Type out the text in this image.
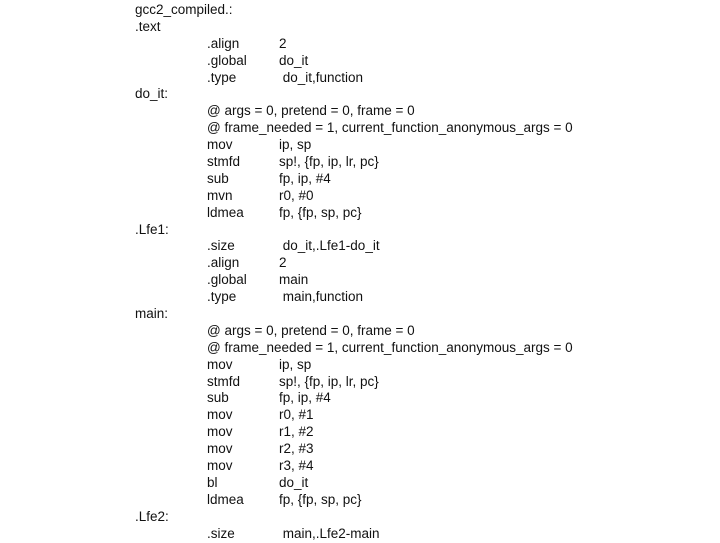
gcc2_compiled.:
.text
.align	2
.global do_it
.type	do_it,function
do_it:
@ args = 0, pretend = 0, frame = 0
@ frame_needed = 1, current_function_anonymous_args = 0
mov	ip, sp
stmfd	sp!, {fp, ip, lr, pc}
sub	fp, ip, #4
mvn	r0, #0
ldmea	fp, {fp, sp, pc}
.Lfe1:
.size	do_it,.Lfe1-do_it
.align	2
.global main
.type	main,function
main:
@ args = 0, pretend = 0, frame = 0
@ frame_needed = 1, current_function_anonymous_args = 0
mov	ip, sp
stmfd	sp!, {fp, ip, lr, pc}
sub	fp, ip, #4
mov	r0, #1
mov	r1, #2
mov	r2, #3
mov	r3, #4
bl	do_it
ldmea	fp, {fp, sp, pc}
.Lfe2:
.size	main,.Lfe2-main
